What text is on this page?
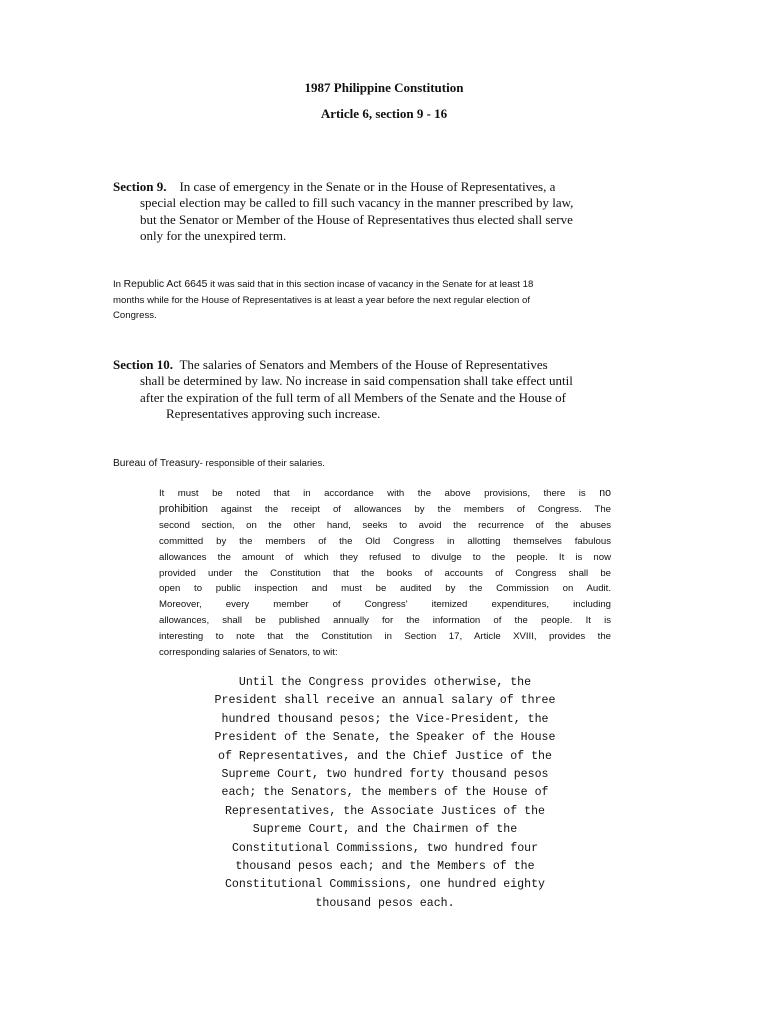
1987 Philippine Constitution
Article 6, section 9 - 16
Section 9. In case of emergency in the Senate or in the House of Representatives, a
special election may be called to fill such vacancy in the manner prescribed by law,
but the Senator or Member of the House of Representatives thus elected shall serve
only for the unexpired term.
In Republic Act 6645 it was said that in this section incase of vacancy in the Senate for at least 18
months while for the House of Representatives is at least a year before the next regular election of
Congress.
Section 10. The salaries of Senators and Members of the House of Representatives
shall be determined by law. No increase in said compensation shall take effect until
after the expiration of the full term of all Members of the Senate and the House of
Representatives approving such increase.
Bureau of Treasury- responsible of their salaries.
It must be noted that in accordance with the above provisions, there is no
prohibition against the receipt of allowances by the members of Congress. The
second section, on the other hand, seeks to avoid the recurrence of the abuses
committed by the members of the Old Congress in allotting themselves fabulous
allowances the amount of which they refused to divulge to the people. It is now
provided under the Constitution that the books of accounts of Congress shall be
open to public inspection and must be audited by the Commission on Audit.
Moreover, every member of Congress' itemized expenditures, including
allowances, shall be published annually for the information of the people. It is
interesting to note that the Constitution in Section 17, Article XVIII, provides the
corresponding salaries of Senators, to wit:
Until the Congress provides otherwise, the
President shall receive an annual salary of three
hundred thousand pesos; the Vice-President, the
President of the Senate, the Speaker of the House
of Representatives, and the Chief Justice of the
Supreme Court, two hundred forty thousand pesos
each; the Senators, the members of the House of
Representatives, the Associate Justices of the
Supreme Court, and the Chairmen of the
Constitutional Commissions, two hundred four
thousand pesos each; and the Members of the
Constitutional Commissions, one hundred eighty
thousand pesos each.
